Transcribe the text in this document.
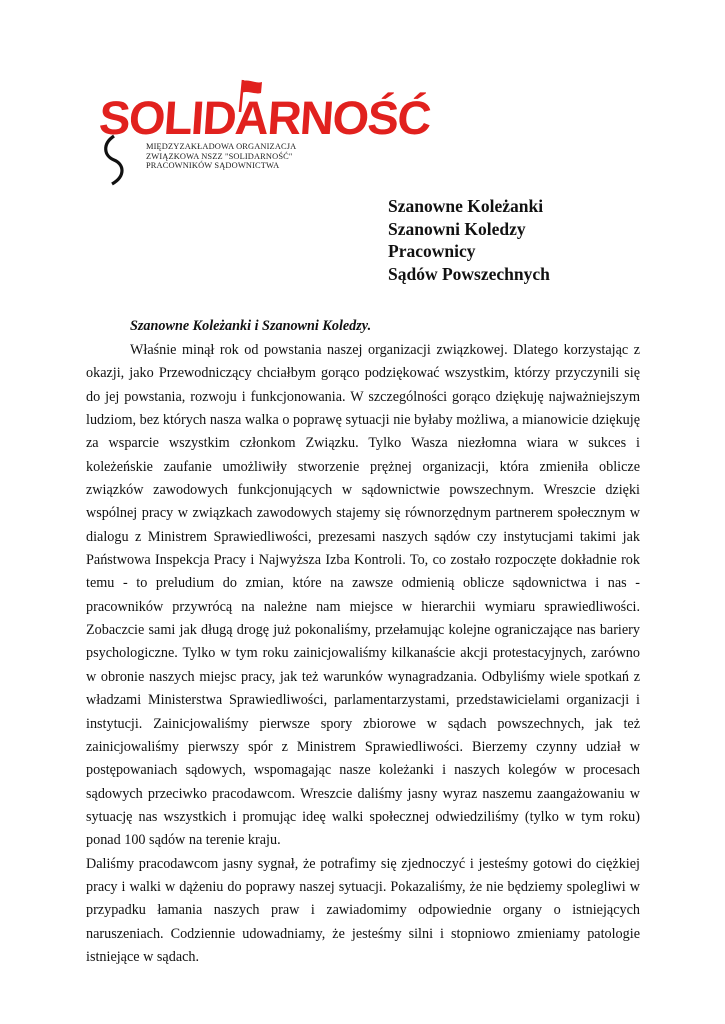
SOLIDARNOŚĆ
MIĘDZYZAKŁADOWA ORGANIZACJA
ZWIĄZKOWA NSZZ "SOLIDARNOŚĆ"
PRACOWNIKÓW SĄDOWNICTWA
Szanowne Koleżanki
Szanowni Koledzy
Pracownicy
Sądów Powszechnych
Szanowne Koleżanki i Szanowni Koledzy.

Właśnie minął rok od powstania naszej organizacji związkowej. Dlatego korzystając z okazji, jako Przewodniczący chciałbym gorąco podziękować wszystkim, którzy przyczynili się do jej powstania, rozwoju i funkcjonowania. W szczególności gorąco dziękuję najważniejszym ludziom, bez których nasza walka o poprawę sytuacji nie byłaby możliwa, a mianowicie dziękuję za wsparcie wszystkim członkom Związku. Tylko Wasza niezłomna wiara w sukces i koleżeńskie zaufanie umożliwiły stworzenie prężnej organizacji, która zmieniła oblicze związków zawodowych funkcjonujących w sądownictwie powszechnym. Wreszcie dzięki wspólnej pracy w związkach zawodowych stajemy się równorzędnym partnerem społecznym w dialogu z Ministrem Sprawiedliwości, prezesami naszych sądów czy instytucjami takimi jak Państwowa Inspekcja Pracy i Najwyższa Izba Kontroli. To, co zostało rozpoczęte dokładnie rok temu - to preludium do zmian, które na zawsze odmienią oblicze sądownictwa i nas - pracowników przywrócą na należne nam miejsce w hierarchii wymiaru sprawiedliwości. Zobaczcie sami jak długą drogę już pokonaliśmy, przełamując kolejne ograniczające nas bariery psychologiczne. Tylko w tym roku zainicjowaliśmy kilkanaście akcji protestacyjnych, zarówno w obronie naszych miejsc pracy, jak też warunków wynagradzania. Odbyliśmy wiele spotkań z władzami Ministerstwa Sprawiedliwości, parlamentarzystami, przedstawicielami organizacji i instytucji. Zainicjowaliśmy pierwsze spory zbiorowe w sądach powszechnych, jak też zainicjowaliśmy pierwszy spór z Ministrem Sprawiedliwości. Bierzemy czynny udział w postępowaniach sądowych, wspomagając nasze koleżanki i naszych kolegów w procesach sądowych przeciwko pracodawcom. Wreszcie daliśmy jasny wyraz naszemu zaangażowaniu w sytuację nas wszystkich i promując ideę walki społecznej odwiedziliśmy (tylko w tym roku) ponad 100 sądów na terenie kraju.

Daliśmy pracodawcom jasny sygnał, że potrafimy się zjednoczyć i jesteśmy gotowi do ciężkiej pracy i walki w dążeniu do poprawy naszej sytuacji. Pokazaliśmy, że nie będziemy spolegliwi w przypadku łamania naszych praw i zawiadomimy odpowiednie organy o istniejących naruszeniach. Codziennie udowadniamy, że jesteśmy silni i stopniowo zmieniamy patologie istniejące w sądach.
